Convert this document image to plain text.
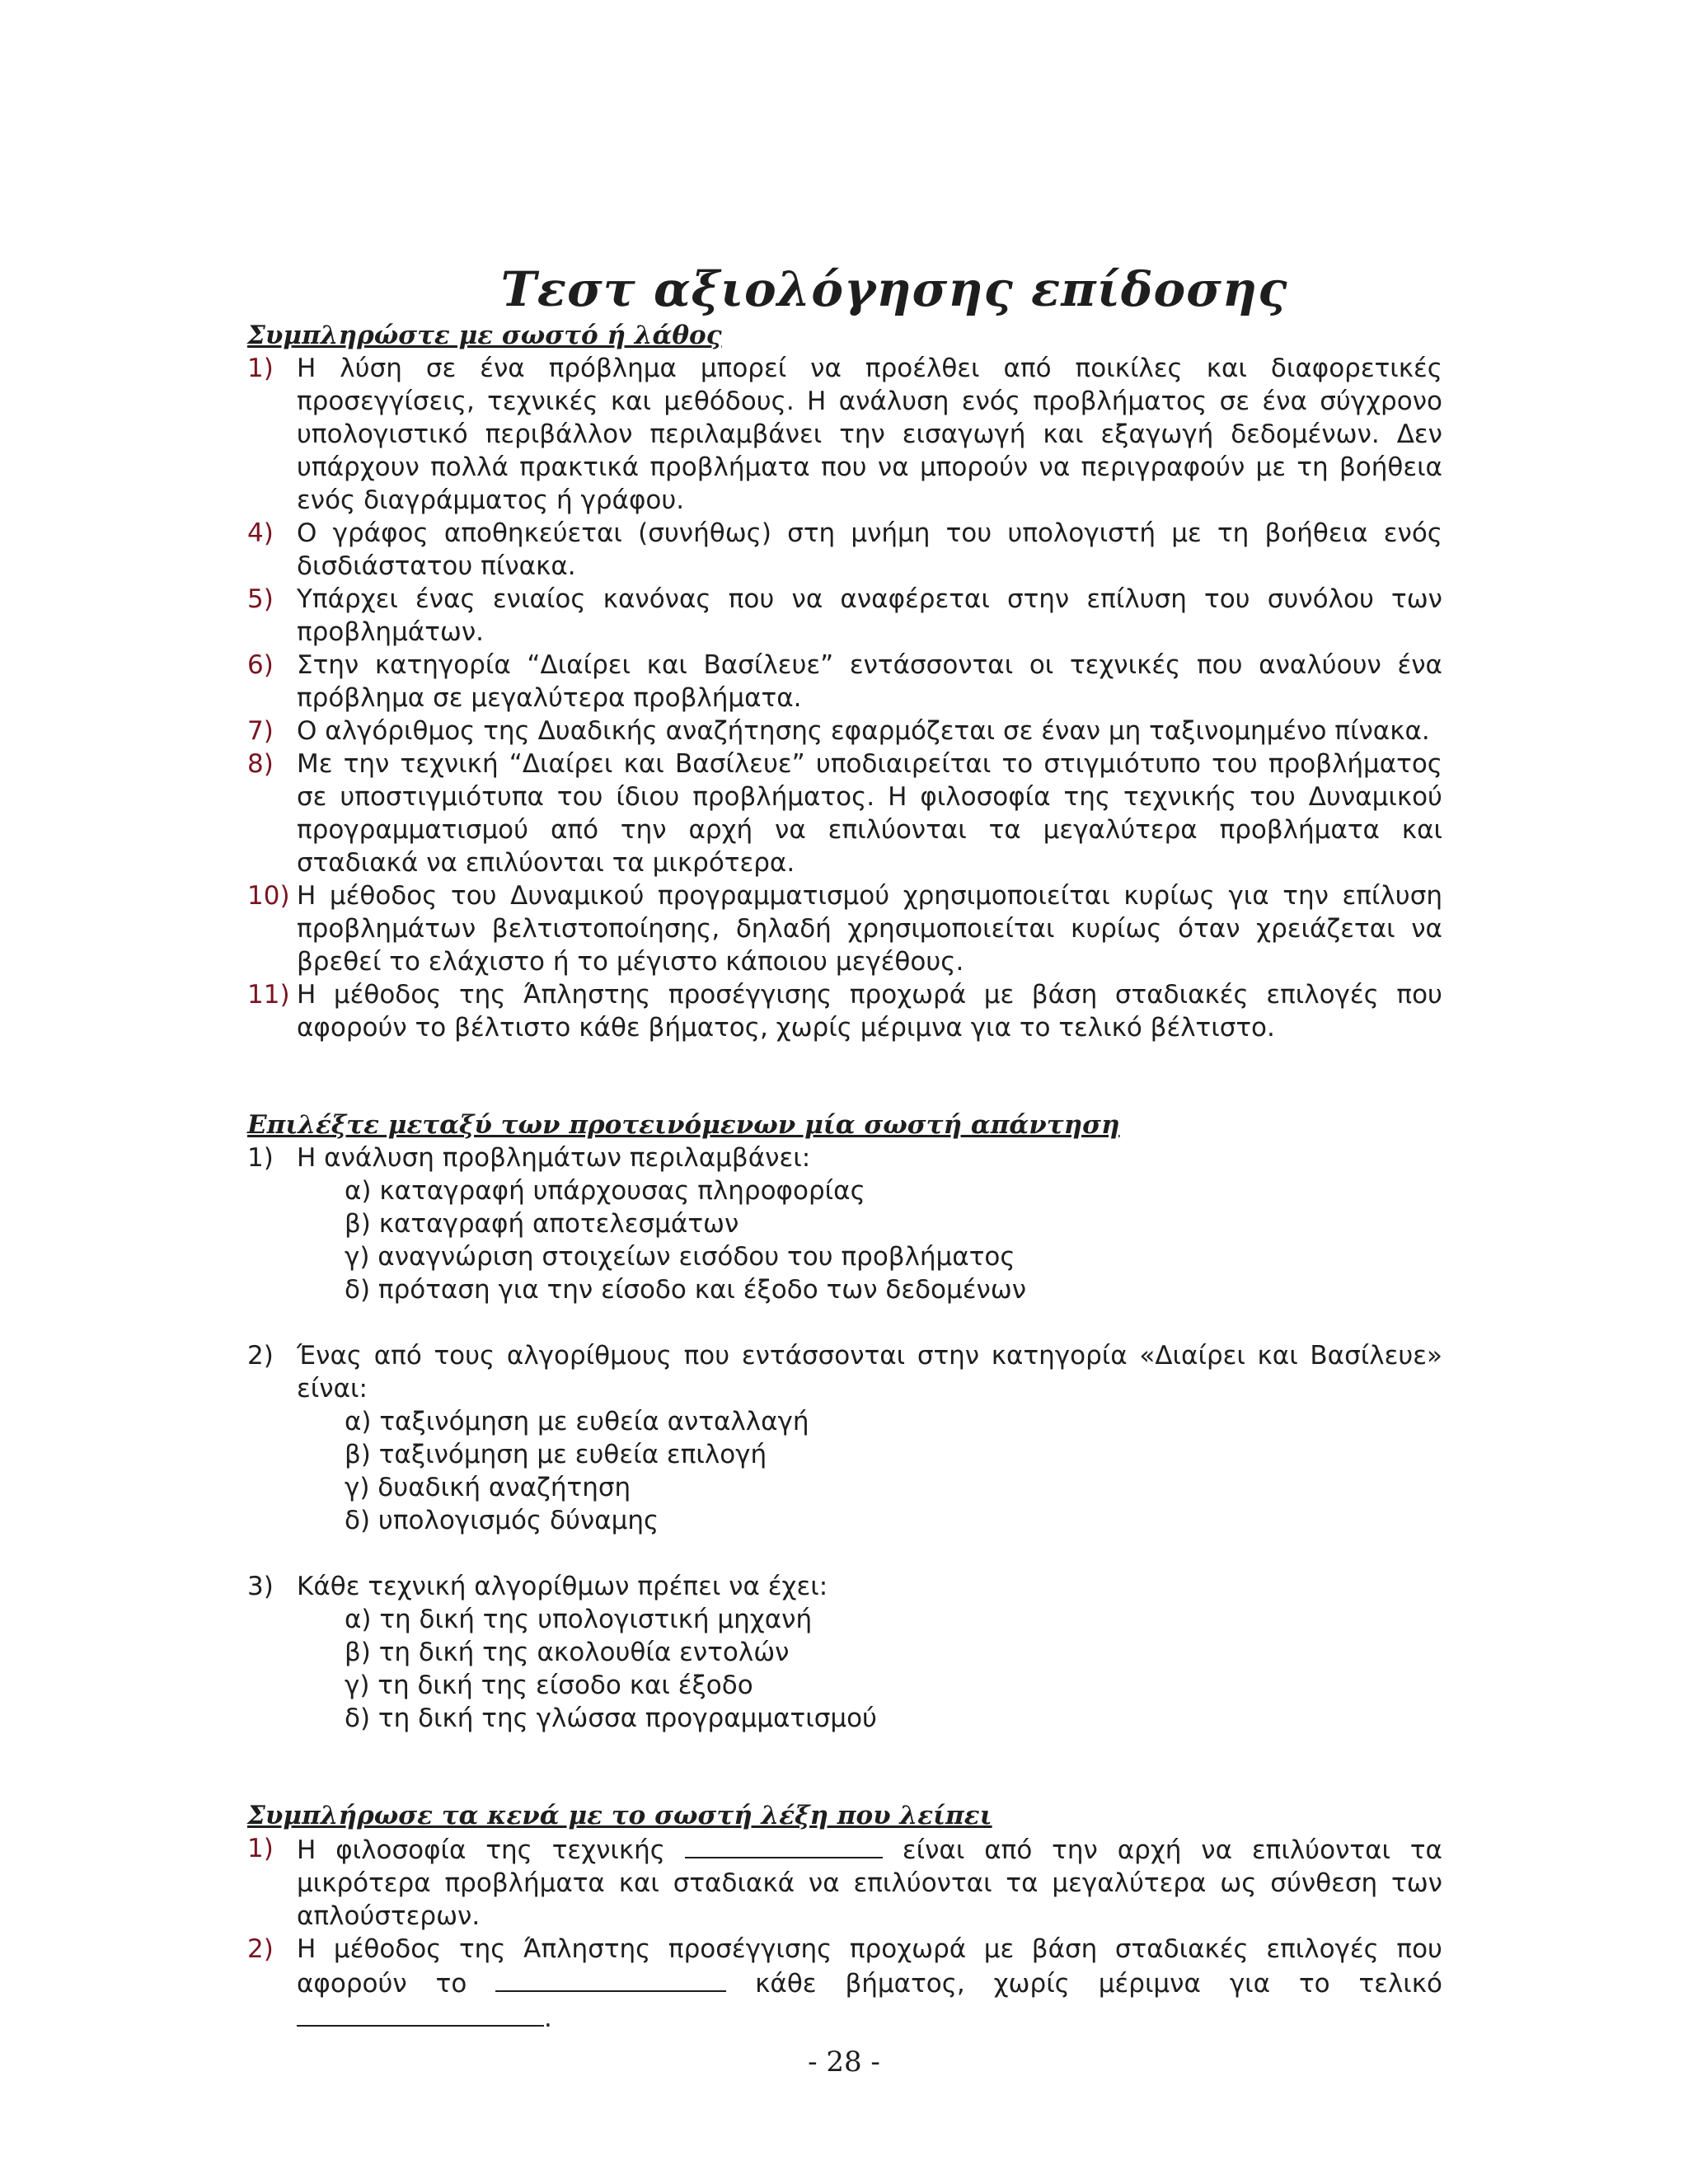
Τεστ αξιολόγησης επίδοσης
Συμπληρώστε με σωστό ή λάθος
1) Η λύση σε ένα πρόβλημα μπορεί να προέλθει από ποικίλες και διαφορετικές προσεγγίσεις, τεχνικές και μεθόδους. Η ανάλυση ενός προβλήματος σε ένα σύγχρονο υπολογιστικό περιβάλλον περιλαμβάνει την εισαγωγή και εξαγωγή δεδομένων. Δεν υπάρχουν πολλά πρακτικά προβλήματα που να μπορούν να περιγραφούν με τη βοήθεια ενός διαγράμματος ή γράφου.
4) Ο γράφος αποθηκεύεται (συνήθως) στη μνήμη του υπολογιστή με τη βοήθεια ενός δισδιάστατου πίνακα.
5) Υπάρχει ένας ενιαίος κανόνας που να αναφέρεται στην επίλυση του συνόλου των προβλημάτων.
6) Στην κατηγορία “Διαίρει και Βασίλευε” εντάσσονται οι τεχνικές που αναλύουν ένα πρόβλημα σε μεγαλύτερα προβλήματα.
7) Ο αλγόριθμος της Δυαδικής αναζήτησης εφαρμόζεται σε έναν μη ταξινομημένο πίνακα.
8) Με την τεχνική “Διαίρει και Βασίλευε” υποδιαιρείται το στιγμιότυπο του προβλήματος σε υποστιγμιότυπα του ίδιου προβλήματος. Η φιλοσοφία της τεχνικής του Δυναμικού προγραμματισμού από την αρχή να επιλύονται τα μεγαλύτερα προβλήματα και σταδιακά να επιλύονται τα μικρότερα.
10) Η μέθοδος του Δυναμικού προγραμματισμού χρησιμοποιείται κυρίως για την επίλυση προβλημάτων βελτιστοποίησης, δηλαδή χρησιμοποιείται κυρίως όταν χρειάζεται να βρεθεί το ελάχιστο ή το μέγιστο κάποιου μεγέθους.
11) Η μέθοδος της Άπληστης προσέγγισης προχωρά με βάση σταδιακές επιλογές που αφορούν το βέλτιστο κάθε βήματος, χωρίς μέριμνα για το τελικό βέλτιστο.
Επιλέξτε μεταξύ των προτεινόμενων μία σωστή απάντηση
1) Η ανάλυση προβλημάτων περιλαμβάνει:
α) καταγραφή υπάρχουσας πληροφορίας
β) καταγραφή αποτελεσμάτων
γ) αναγνώριση στοιχείων εισόδου του προβλήματος
δ) πρόταση για την είσοδο και έξοδο των δεδομένων
2) Ένας από τους αλγορίθμους που εντάσσονται στην κατηγορία «Διαίρει και Βασίλευε» είναι:
α) ταξινόμηση με ευθεία ανταλλαγή
β) ταξινόμηση με ευθεία επιλογή
γ) δυαδική αναζήτηση
δ) υπολογισμός δύναμης
3) Κάθε τεχνική αλγορίθμων πρέπει να έχει:
α) τη δική της υπολογιστική μηχανή
β) τη δική της ακολουθία εντολών
γ) τη δική της είσοδο και έξοδο
δ) τη δική της γλώσσα προγραμματισμού
Συμπλήρωσε τα κενά με το σωστή λέξη που λείπει
1) Η φιλοσοφία της τεχνικής	είναι από την αρχή να επιλύονται τα μικρότερα προβλήματα και σταδιακά να επιλύονται τα μεγαλύτερα ως σύνθεση των απλούστερων.
2) Η μέθοδος της Άπληστης προσέγγισης προχωρά με βάση σταδιακές επιλογές που αφορούν το	κάθε βήματος, χωρίς μέριμνα για το τελικό .
- 28 -
